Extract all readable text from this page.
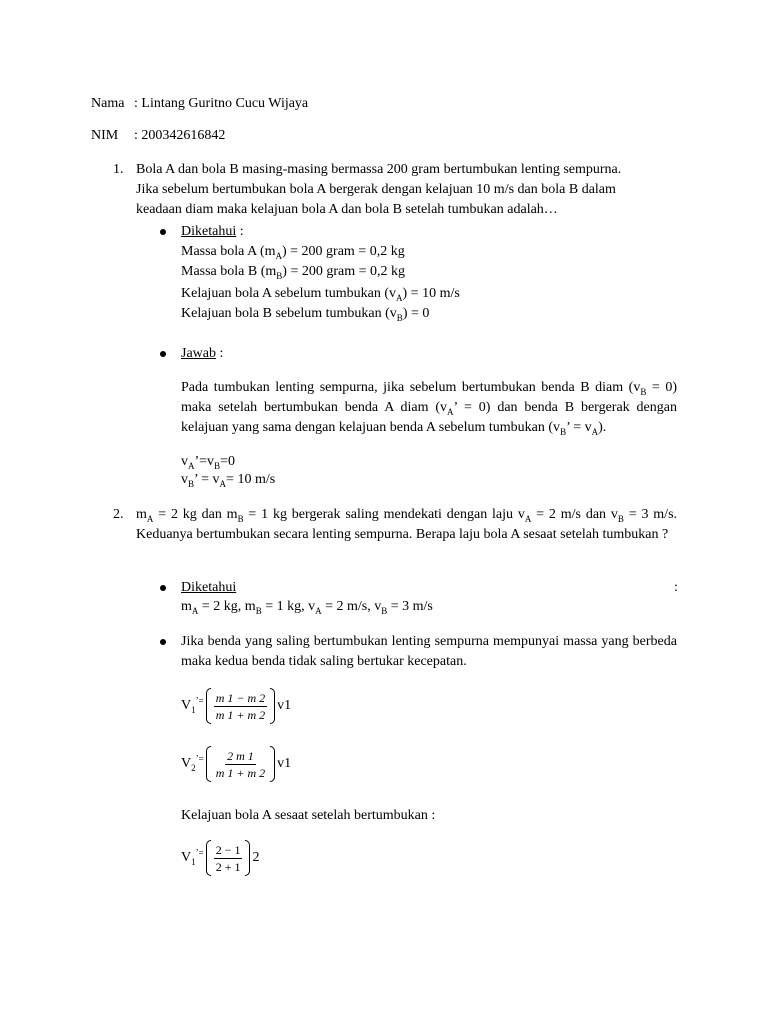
Nama : Lintang Guritno Cucu Wijaya
NIM : 200342616842
1. Bola A dan bola B masing-masing bermassa 200 gram bertumbukan lenting sempurna.
Jika sebelum bertumbukan bola A bergerak dengan kelajuan 10 m/s dan bola B dalam
keadaan diam maka kelajuan bola A dan bola B setelah tumbukan adalah…
Diketahui :
Massa bola A $(m_A) = 200$ gram = 0,2 kg
Massa bola B $(m_B) = 200$ gram = 0,2 kg
Kelajuan bola A sebelum tumbukan $(v_A) = 10$ m/s
Kelajuan bola B sebelum tumbukan $(v_B) = 0$
Jawab :
Pada tumbukan lenting sempurna, jika sebelum bertumbukan benda B diam $(v_B = 0)$ maka setelah bertumbukan benda A diam ($v_A$’ = 0) dan benda B bergerak dengan kelajuan yang sama dengan kelajuan benda A sebelum tumbukan ($v_B$’ = $v_A$).
$v_A’=v_B=0$
$v_B$’ = $v_A= 10$ m/s
2. $m_A = 2$ kg dan $m_B = 1$ kg bergerak saling mendekati dengan laju $v_A = 2$ m/s dan $v_B = 3$ m/s. Keduanya bertumbukan secara lenting sempurna. Berapa laju bola A sesaat setelah tumbukan ?
Diketahui	:
$m_A = 2$ kg, $m_B = 1$ kg, $v_A = 2$ m/s, $v_B = 3$ m/s
Jika benda yang saling bertumbukan lenting sempurna mempunyai massa yang berbeda maka kedua benda tidak saling bertukar kecepatan.
$V_1^{’=}$ m 1 − m 2
m 1 + m 2
v1
$V_2^{’=}$ 2 m 1
m 1 + m 2
v1
Kelajuan bola A sesaat setelah bertumbukan :
$V_1^{’=}$ 2 − 1
2 + 1
2
